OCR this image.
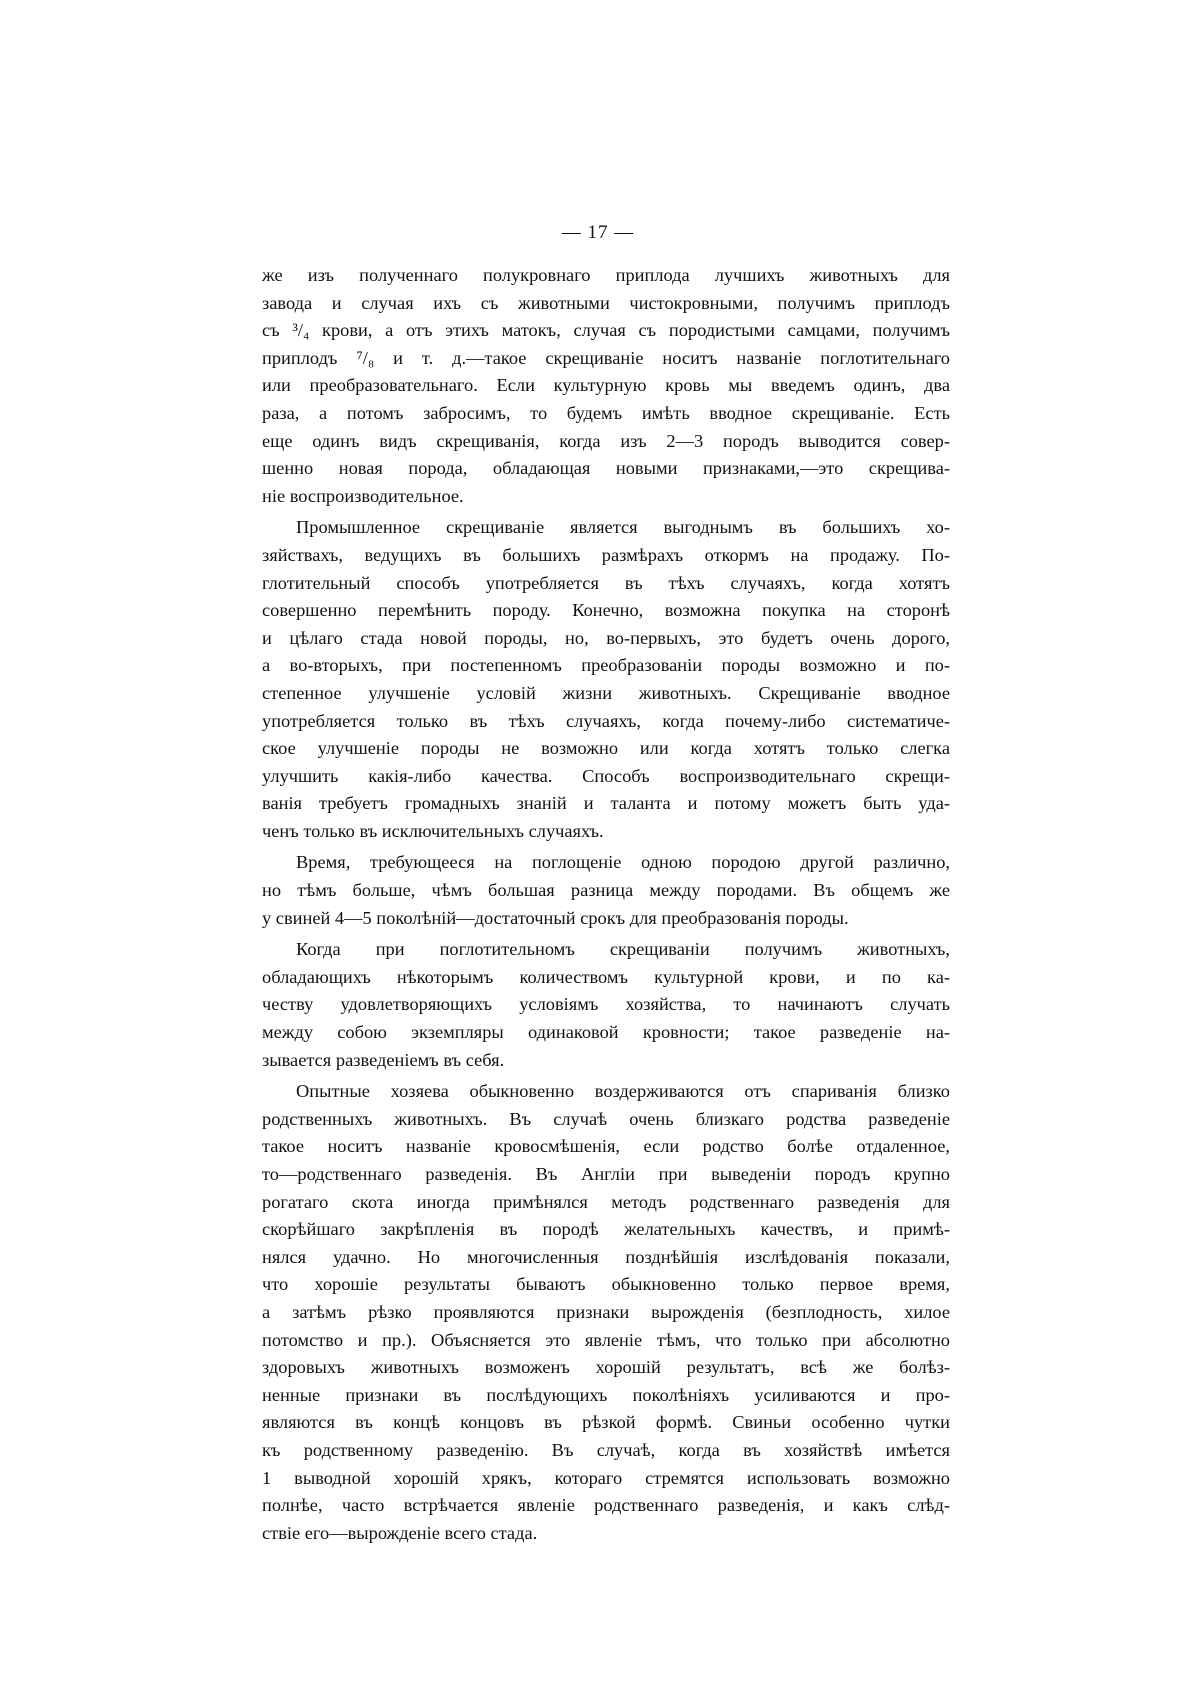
— 17 —
же изъ полученнаго полукровнаго приплода лучшихъ животныхъ для
завода и случая ихъ съ животными чистокровными, получимъ приплодъ
съ ³/₄ крови, а отъ этихъ матокъ, случая съ породистыми самцами, получимъ
приплодъ ⁷/₈ и т. д.—такое скрещиваніе носитъ названіе поглотительнаго
или преобразовательнаго. Если культурную кровь мы введемъ одинъ, два
раза, а потомъ забросимъ, то будемъ имѣть вводное скрещиваніе. Есть
еще одинъ видъ скрещиванія, когда изъ 2—3 породъ выводится совер-
шенно новая порода, обладающая новыми признаками,—это скрещива-
ніе воспроизводительное.
Промышленное скрещиваніе является выгоднымъ въ большихъ хо-
зяйствахъ, ведущихъ въ большихъ размѣрахъ откормъ на продажу. По-
глотительный способъ употребляется въ тѣхъ случаяхъ, когда хотятъ
совершенно перемѣнить породу. Конечно, возможна покупка на сторонѣ
и цѣлаго стада новой породы, но, во-первыхъ, это будетъ очень дорого,
а во-вторыхъ, при постепенномъ преобразованіи породы возможно и по-
степенное улучшеніе условій жизни животныхъ. Скрещиваніе вводное
употребляется только въ тѣхъ случаяхъ, когда почему-либо систематиче-
ское улучшеніе породы не возможно или когда хотятъ только слегка
улучшить какія-либо качества. Способъ воспроизводительнаго скрещи-
ванія требуетъ громадныхъ знаній и таланта и потому можетъ быть уда-
ченъ только въ исключительныхъ случаяхъ.
Время, требующееся на поглощеніе одною породою другой различно,
но тѣмъ больше, чѣмъ большая разница между породами. Въ общемъ же
у свиней 4—5 поколѣній—достаточный срокъ для преобразованія породы.
Когда при поглотительномъ скрещиваніи получимъ животныхъ,
обладающихъ нѣкоторымъ количествомъ культурной крови, и по ка-
честву удовлетворяющихъ условіямъ хозяйства, то начинаютъ случать
между собою экземпляры одинаковой кровности; такое разведеніе на-
зывается разведеніемъ въ себя.
Опытные хозяева обыкновенно воздерживаются отъ спариванія близко
родственныхъ животныхъ. Въ случаѣ очень близкаго родства разведеніе
такое носитъ названіе кровосмѣшенія, если родство болѣе отдаленное,
то—родственнаго разведенія. Въ Англіи при выведеніи породъ крупно
рогатаго скота иногда примѣнялся методъ родственнаго разведенія для
скорѣйшаго закрѣпленія въ породѣ желательныхъ качествъ, и примѣ-
нялся удачно. Но многочисленныя позднѣйшія изслѣдованія показали,
что хорошіе результаты бываютъ обыкновенно только первое время,
а затѣмъ рѣзко проявляются признаки вырожденія (безплодность, хилое
потомство и пр.). Объясняется это явленіе тѣмъ, что только при абсолютно
здоровыхъ животныхъ возможенъ хорошій результатъ, всѣ же болѣз-
ненные признаки въ послѣдующихъ поколѣніяхъ усиливаются и про-
являются въ концѣ концовъ въ рѣзкой формѣ. Свиньи особенно чутки
къ родственному разведенію. Въ случаѣ, когда въ хозяйствѣ имѣется
1 выводной хорошій хрякъ, котораго стремятся использовать возможно
полнѣе, часто встрѣчается явленіе родственнаго разведенія, и какъ слѣд-
ствіе его—вырожденіе всего стада.
